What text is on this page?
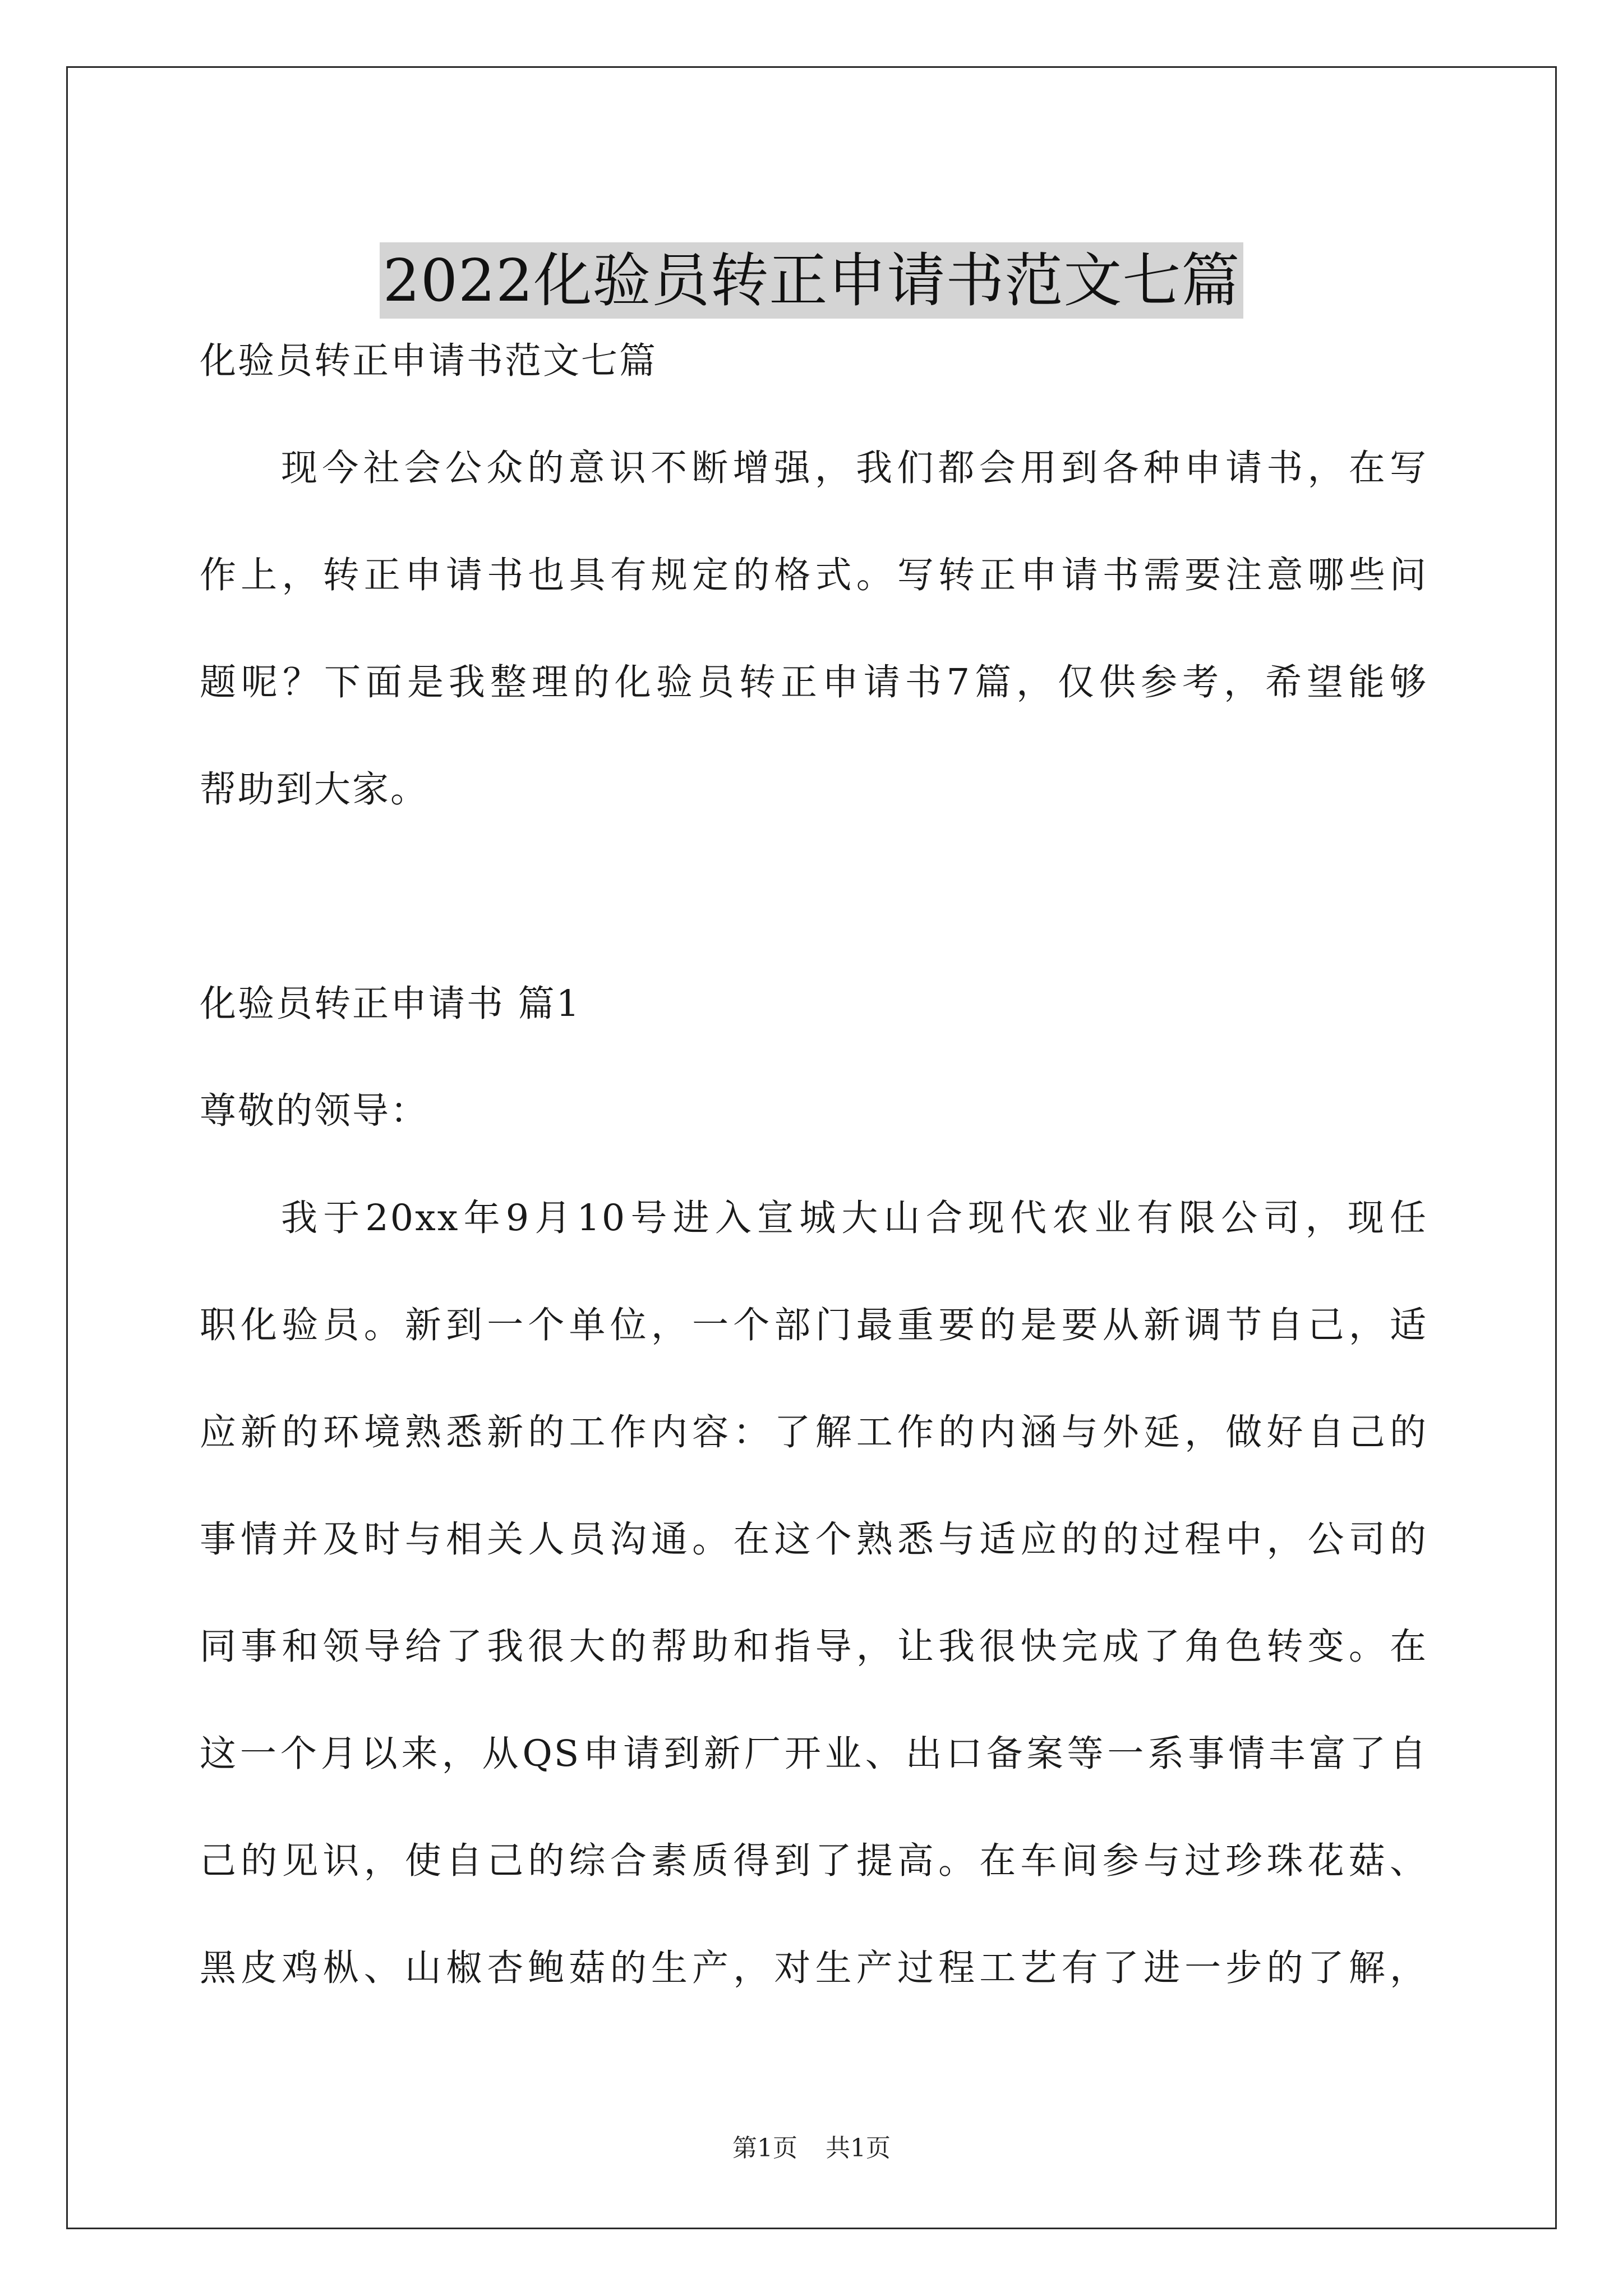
2022化验员转正申请书范文七篇
化验员转正申请书范文七篇
现今社会公众的意识不断增强，我们都会用到各种申请书，在写
作上，转正申请书也具有规定的格式。写转正申请书需要注意哪些问
题呢？下面是我整理的化验员转正申请书7篇，仅供参考，希望能够
帮助到大家。
化验员转正申请书 篇1
尊敬的领导：
我于20xx年9月10号进入宣城大山合现代农业有限公司，现任
职化验员。新到一个单位，一个部门最重要的是要从新调节自己，适
应新的环境熟悉新的工作内容：了解工作的内涵与外延，做好自己的
事情并及时与相关人员沟通。在这个熟悉与适应的的过程中，公司的
同事和领导给了我很大的帮助和指导，让我很快完成了角色转变。在
这一个月以来，从QS申请到新厂开业、出口备案等一系事情丰富了自
己的见识，使自己的综合素质得到了提高。在车间参与过珍珠花菇、
黑皮鸡枞、山椒杏鲍菇的生产，对生产过程工艺有了进一步的了解，
第1页 共1页
